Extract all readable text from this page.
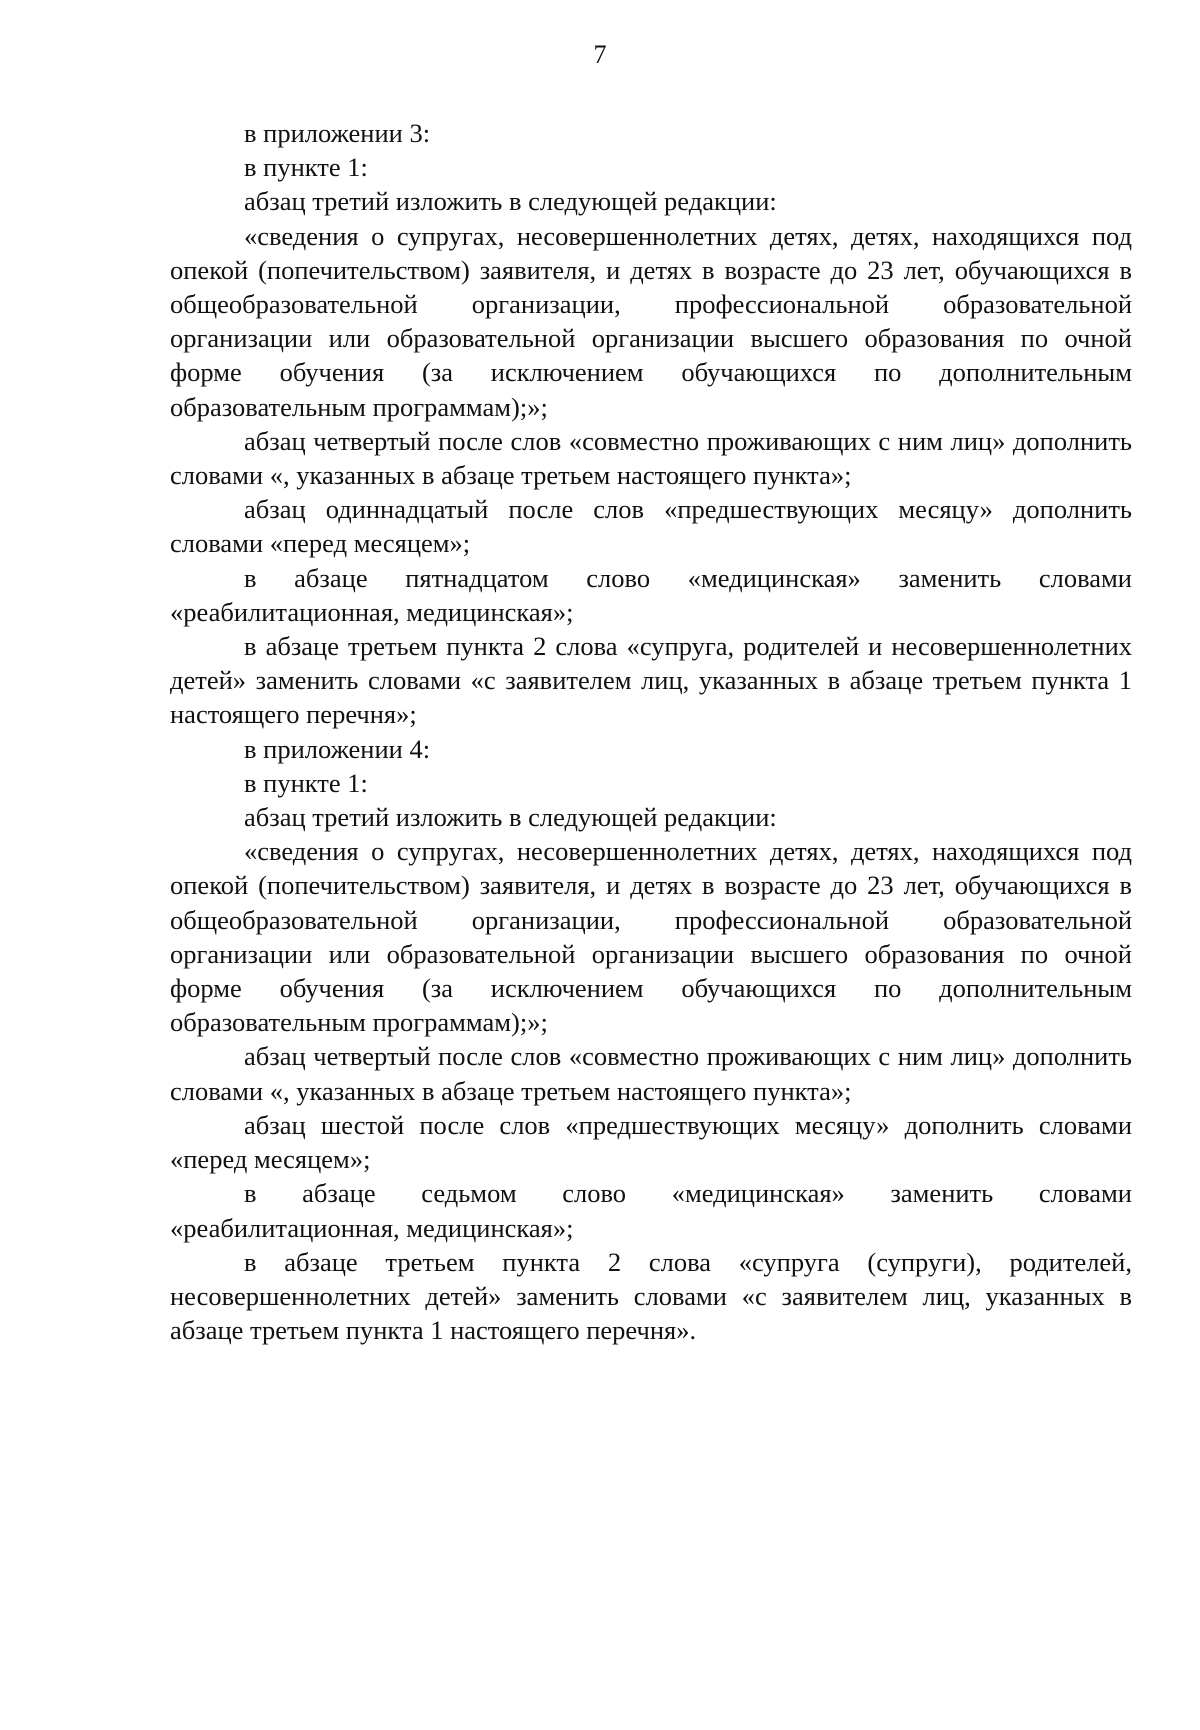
7

в приложении 3:

в пункте 1:

абзац третий изложить в следующей редакции:

«сведения о супругах, несовершеннолетних детях, детях, находящихся под опекой (попечительством) заявителя, и детях в возрасте до 23 лет, обучающихся в общеобразовательной организации, профессиональной образовательной организации или образовательной организации высшего образования по очной форме обучения (за исключением обучающихся по дополнительным образовательным программам);»;

абзац четвертый после слов «совместно проживающих с ним лиц» дополнить словами «, указанных в абзаце третьем настоящего пункта»;

абзац одиннадцатый после слов «предшествующих месяцу» дополнить словами «перед месяцем»;

в абзаце пятнадцатом слово «медицинская» заменить словами «реабилитационная, медицинская»;

в абзаце третьем пункта 2 слова «супруга, родителей и несовершеннолетних детей» заменить словами «с заявителем лиц, указанных в абзаце третьем пункта 1 настоящего перечня»;

в приложении 4:

в пункте 1:

абзац третий изложить в следующей редакции:

«сведения о супругах, несовершеннолетних детях, детях, находящихся под опекой (попечительством) заявителя, и детях в возрасте до 23 лет, обучающихся в общеобразовательной организации, профессиональной образовательной организации или образовательной организации высшего образования по очной форме обучения (за исключением обучающихся по дополнительным образовательным программам);»;

абзац четвертый после слов «совместно проживающих с ним лиц» дополнить словами «, указанных в абзаце третьем настоящего пункта»;

абзац шестой после слов «предшествующих месяцу» дополнить словами «перед месяцем»;

в абзаце седьмом слово «медицинская» заменить словами «реабилитационная, медицинская»;

в абзаце третьем пункта 2 слова «супруга (супруги), родителей, несовершеннолетних детей» заменить словами «с заявителем лиц, указанных в абзаце третьем пункта 1 настоящего перечня».
